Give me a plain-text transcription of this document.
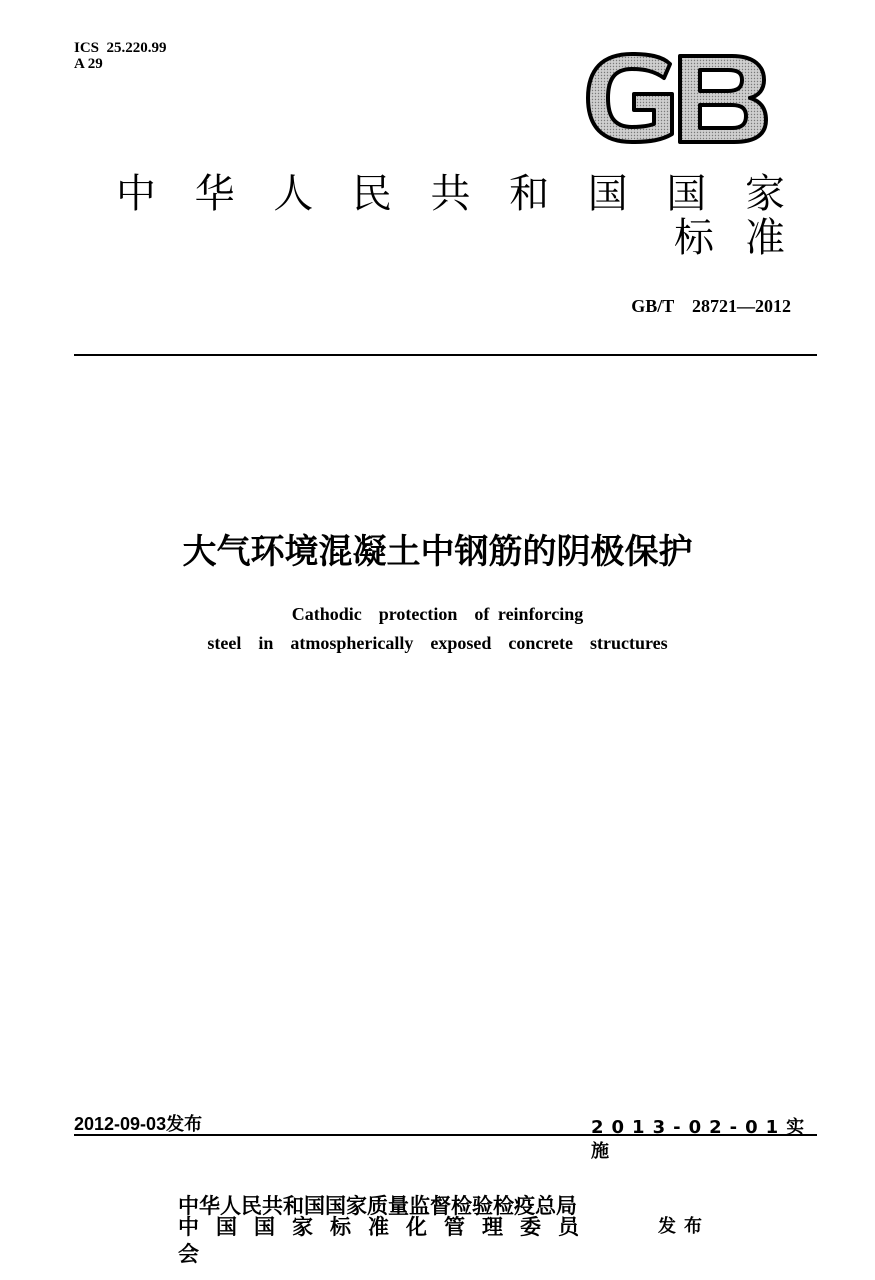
ICS  25.220.99
A 29
中华人民共和国国家标准
GB/T    28721—2012
大气环境混凝土中钢筋的阴极保护
Cathodic  protection  of reinforcing
steel  in  atmospherically  exposed  concrete  structures
2012-09-03发布	2013-02-01实施
中华人民共和国国家质量监督检验检疫总局
中国国家标准化管理委员会
发布
